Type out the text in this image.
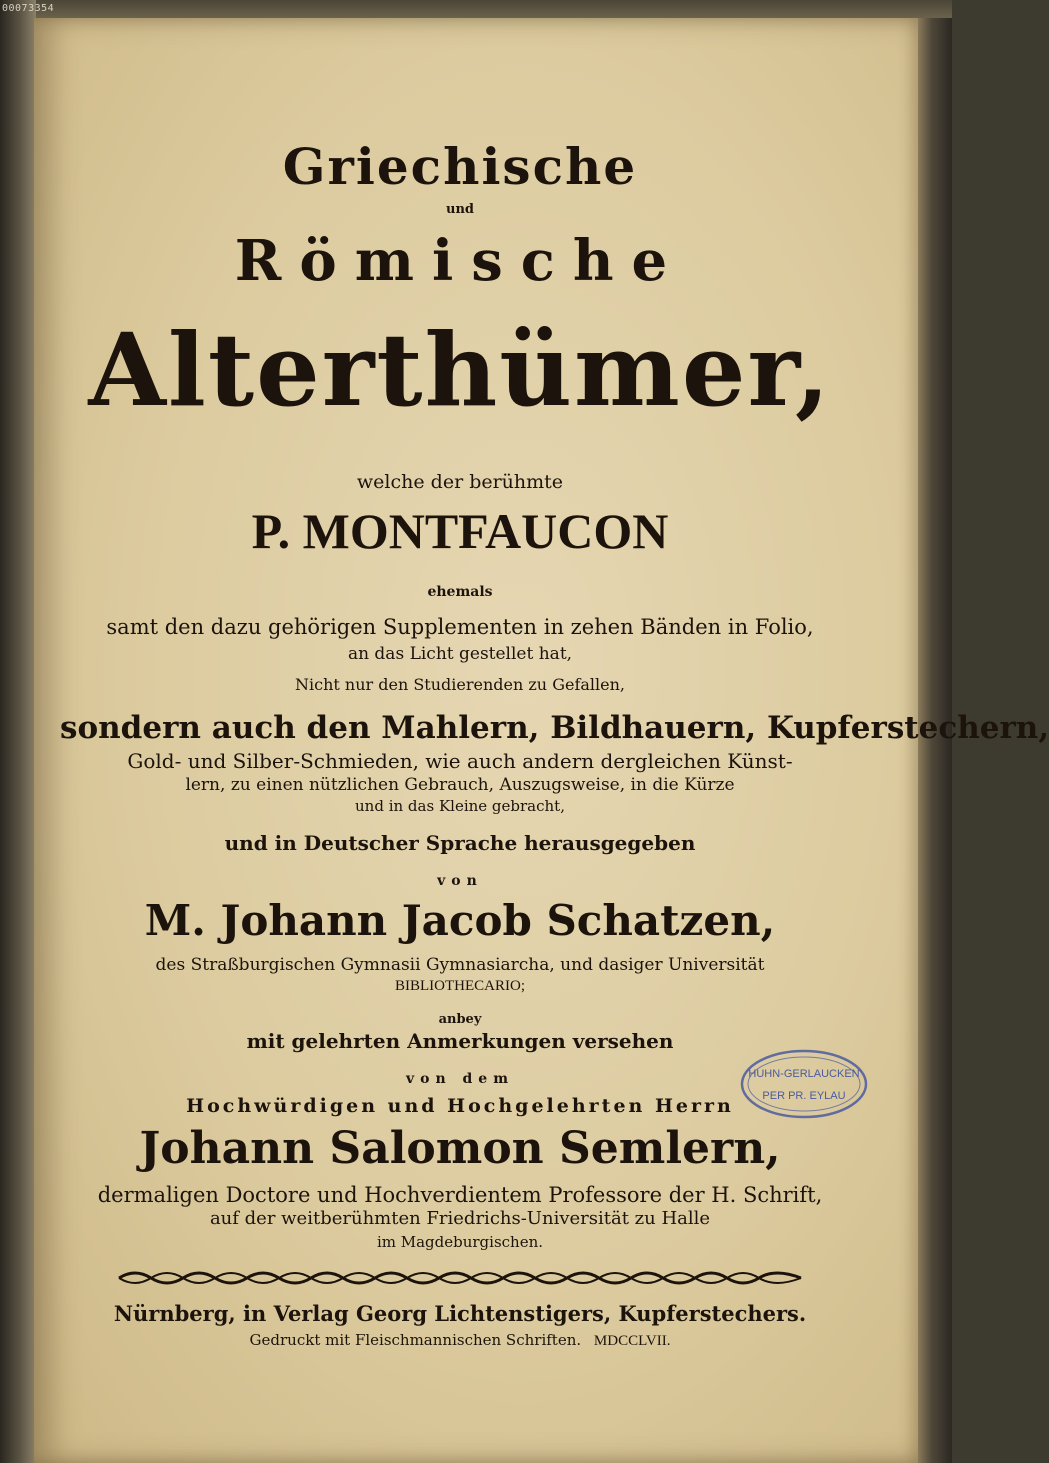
00073354
Griechische
und
Römische
Alterthümer,
welche der berühmte
P. MONTFAUCON
ehemals
samt den dazu gehörigen Supplementen in zehen Bänden in Folio,
an das Licht gestellet hat,
Nicht nur den Studierenden zu Gefallen,
sondern auch den Mahlern, Bildhauern, Kupferstechern,
Gold- und Silber-Schmieden, wie auch andern dergleichen Künst-
lern, zu einen nützlichen Gebrauch, Auszugsweise, in die Kürze
und in das Kleine gebracht,
und in Deutscher Sprache herausgegeben
von
M. Johann Jacob Schatzen,
des Straßburgischen Gymnasii Gymnasiarcha, und dasiger Universität
BIBLIOTHECARIO;
anbey
mit gelehrten Anmerkungen versehen
von dem
Hochwürdigen und Hochgelehrten Herrn
Johann Salomon Semlern,
dermaligen Doctore und Hochverdientem Professore der H. Schrift,
auf der weitberühmten Friedrichs-Universität zu Halle
im Magdeburgischen.
Nürnberg, in Verlag Georg Lichtenstigers, Kupferstechers.
Gedruckt mit Fleischmannischen Schriften. MDCCLVII.
HUHN-GERLAUCKEN
PER PR. EYLAU
